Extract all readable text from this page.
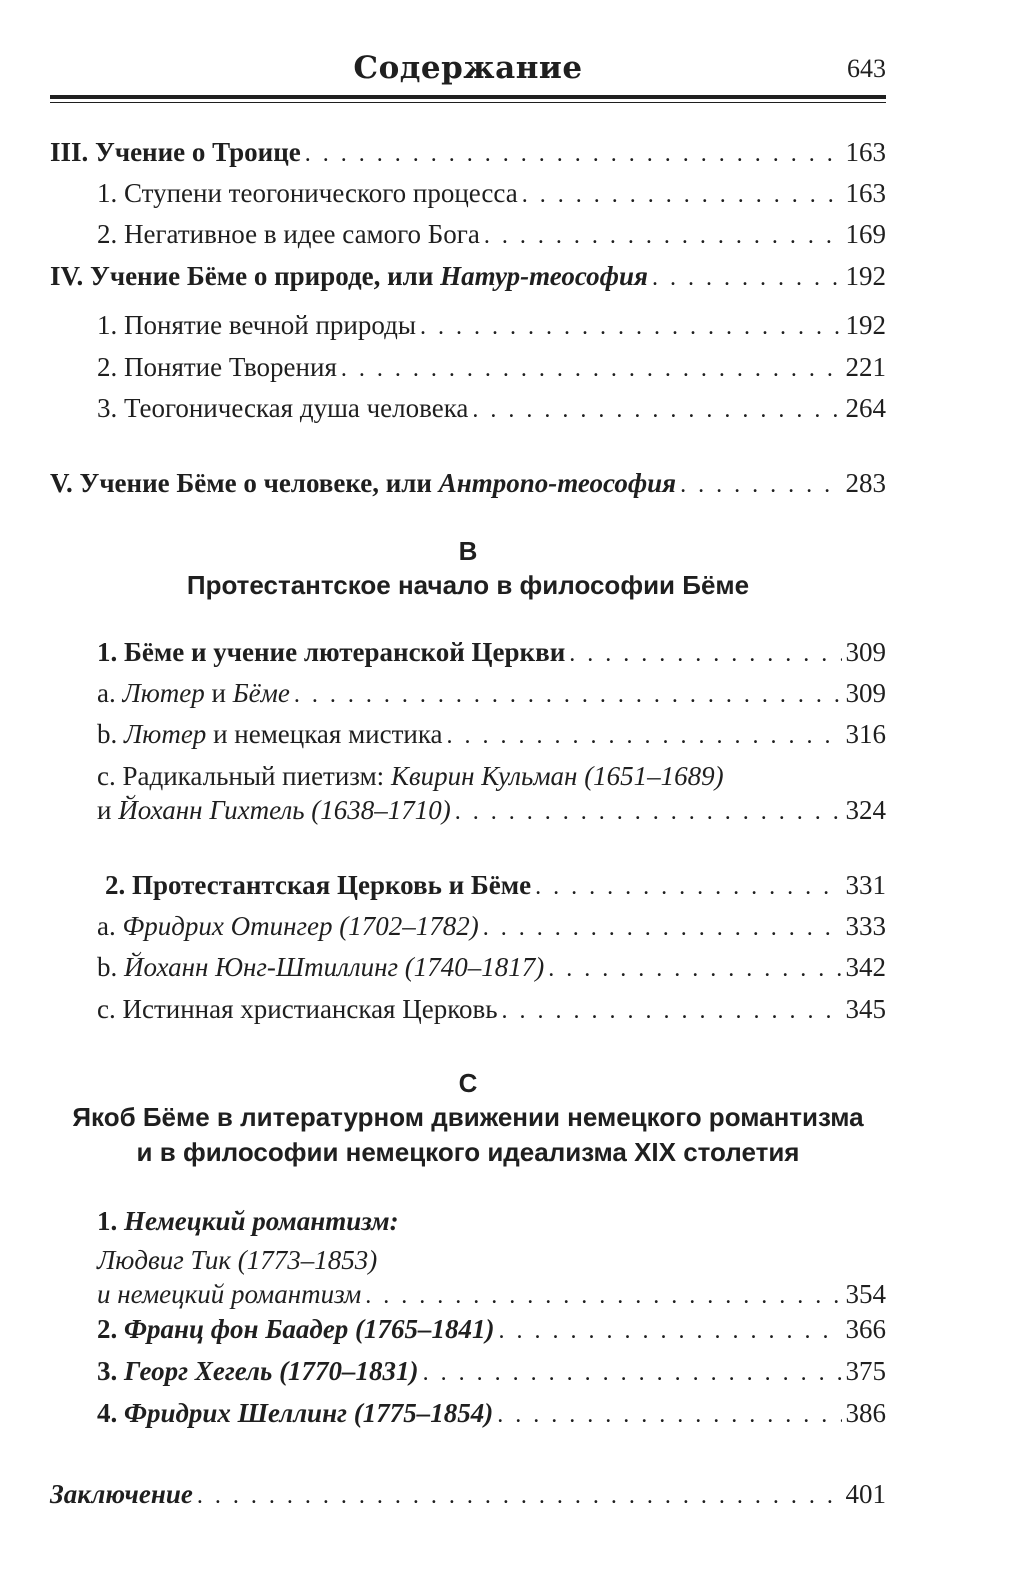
Содержание	643
III. Учение о Троице . . .	163
1. Ступени теогонического процесса . . .	163
2. Негативное в идее самого Бога . . .	169
IV. Учение Бёме о природе, или Натур-теософия . . .	192
1. Понятие вечной природы . . .	192
2. Понятие Творения . . .	221
3. Теогоническая душа человека . . .	264
V. Учение Бёме о человеке, или Антропо-теософия . . .	283
B
Протестантское начало в философии Бёме
1. Бёме и учение лютеранской Церкви . . .	309
a. Лютер и Бёме . . .	309
b. Лютер и немецкая мистика . . .	316
c. Радикальный пиетизм: Квирин Кульман (1651–1689)
и Йоханн Гихтель (1638–1710) . . .	324
2. Протестантская Церковь и Бёме . . .	331
a. Фридрих Отингер (1702–1782) . . .	333
b. Йоханн Юнг-Штиллинг (1740–1817) . . .	342
c. Истинная христианская Церковь . . .	345
C
Якоб Бёме в литературном движении немецкого романтизма
и в философии немецкого идеализма XIX столетия
1. Немецкий романтизм:
Людвиг Тик (1773–1853)
и немецкий романтизм . . .	354
2. Франц фон Баадер (1765–1841) . . .	366
3. Георг Хегель (1770–1831) . . .	375
4. Фридрих Шеллинг (1775–1854) . . .	386
Заключение . . .	401
